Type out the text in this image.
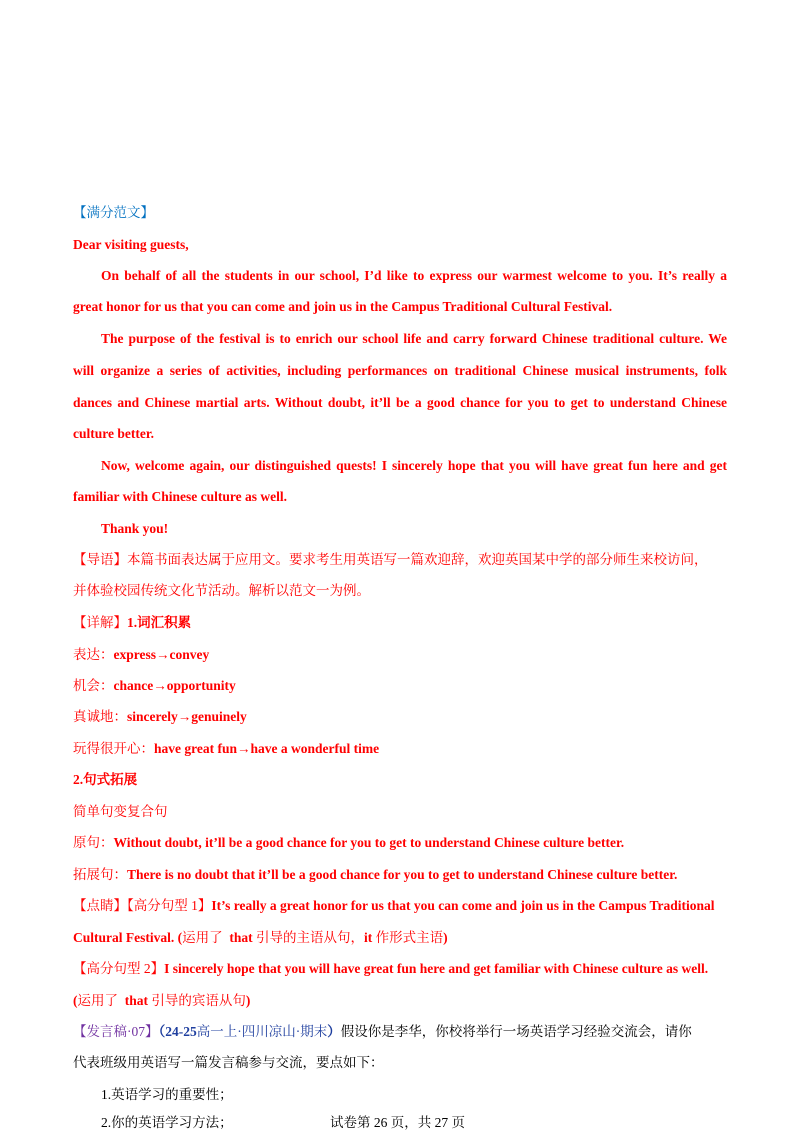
【满分范文】
Dear visiting guests,
On behalf of all the students in our school, I’d like to express our warmest welcome to you. It’s really a
great honor for us that you can come and join us in the Campus Traditional Cultural Festival.
The purpose of the festival is to enrich our school life and carry forward Chinese traditional culture. We
will organize a series of activities, including performances on traditional Chinese musical instruments, folk
dances and Chinese martial arts. Without doubt, it’ll be a good chance for you to get to understand Chinese
culture better.
Now, welcome again, our distinguished quests! I sincerely hope that you will have great fun here and get
familiar with Chinese culture as well.
Thank you!
【导语】本篇书面表达属于应用文。要求考生用英语写一篇欢迎辞，欢迎英国某中学的部分师生来校访问，
并体验校园传统文化节活动。解析以范文一为例。
【详解】1.词汇积累
表达：express→convey
机会：chance→opportunity
真诚地：sincerely→genuinely
玩得很开心：have great fun→have a wonderful time
2.句式拓展
简单句变复合句
原句：Without doubt, it’ll be a good chance for you to get to understand Chinese culture better.
拓展句：There is no doubt that it’ll be a good chance for you to get to understand Chinese culture better.
【点睛】【高分句型 1】It’s really a great honor for us that you can come and join us in the Campus Traditional
Cultural Festival. (运用了 that 引导的主语从句，it 作形式主语)
【高分句型 2】I sincerely hope that you will have great fun here and get familiar with Chinese culture as well.
(运用了 that 引导的宾语从句)
【发言稿·07】（24-25高一上·四川凉山·期末）假设你是李华，你校将举行一场英语学习经验交流会，请你
代表班级用英语写一篇发言稿参与交流，要点如下：
1.英语学习的重要性；
2.你的英语学习方法；	试卷第 26 页，共 27 页
